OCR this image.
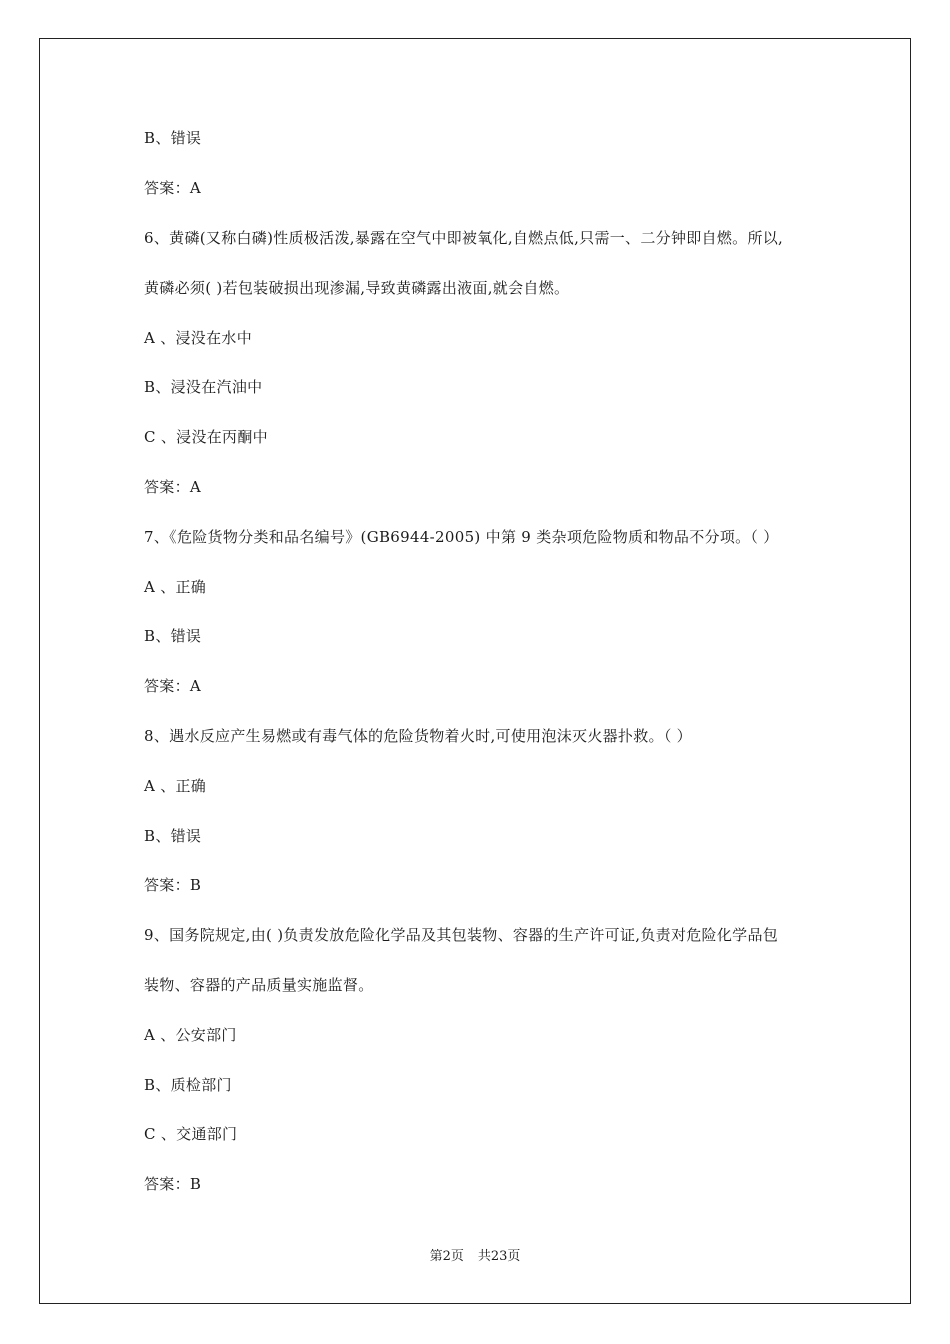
B、错误
答案：A
6、黄磷(又称白磷)性质极活泼,暴露在空气中即被氧化,自燃点低,只需一、二分钟即自燃。所以,
黄磷必须( )若包装破损出现渗漏,导致黄磷露出液面,就会自燃。
A 、浸没在水中
B、浸没在汽油中
C 、浸没在丙酮中
答案：A
7、《危险货物分类和品名编号》(GB6944-2005) 中第 9 类杂项危险物质和物品不分项。（ ）
A 、正确
B、错误
答案：A
8、遇水反应产生易燃或有毒气体的危险货物着火时,可使用泡沫灭火器扑救。（ ）
A 、正确
B、错误
答案：B
9、国务院规定,由( )负责发放危险化学品及其包装物、容器的生产许可证,负责对危险化学品包
装物、容器的产品质量实施监督。
A 、公安部门
B、质检部门
C 、交通部门
答案：B
第2页 共23页
